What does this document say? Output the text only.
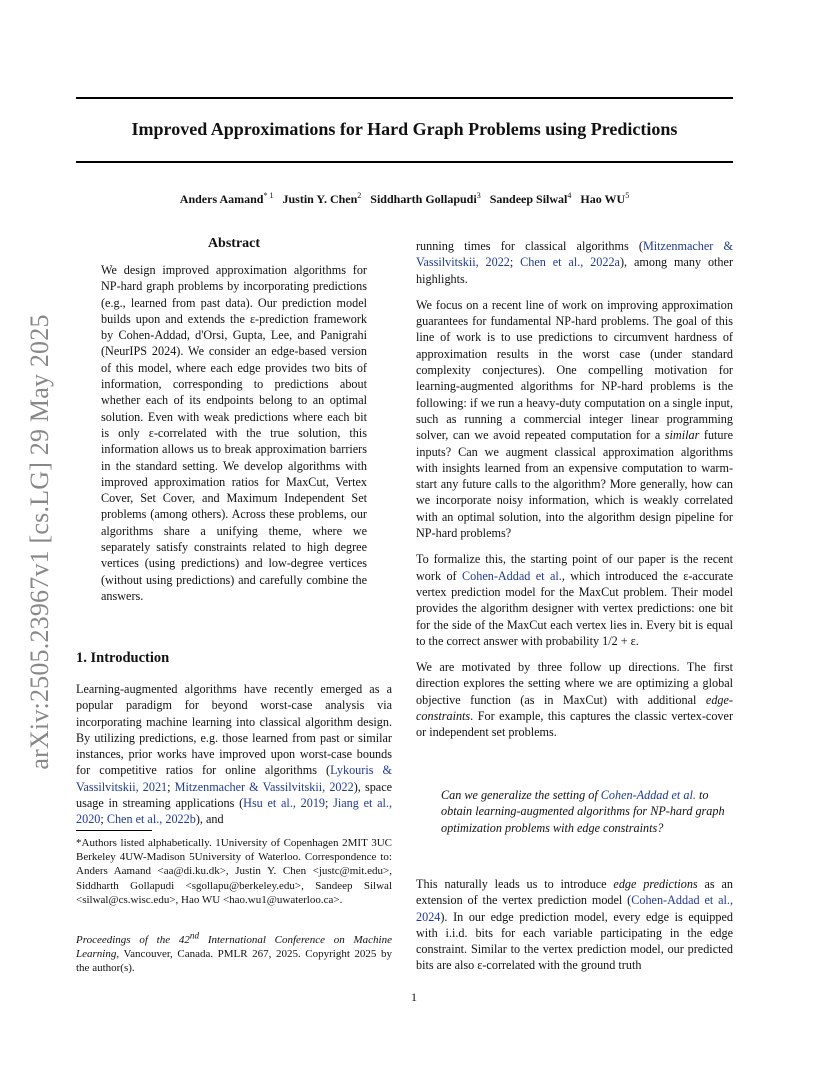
Improved Approximations for Hard Graph Problems using Predictions
Anders Aamand$^{* 1}$ Justin Y. Chen$^2$ Siddharth Gollapudi$^3$ Sandeep Silwal$^4$ Hao $WU^5$
arXiv:2505.23967v1 [cs.LG] 29 May 2025
Abstract

We design improved approximation algorithms for NP-hard graph problems by incorporating predictions (e.g., learned from past data). Our prediction model builds upon and extends the ε-prediction framework by Cohen-Addad, d'Orsi, Gupta, Lee, and Panigrahi (NeurIPS 2024). We consider an edge-based version of this model, where each edge provides two bits of information, corresponding to predictions about whether each of its endpoints belong to an optimal solution. Even with weak predictions where each bit is only ε-correlated with the true solution, this information allows us to break approximation barriers in the standard setting. We develop algorithms with improved approximation ratios for MaxCut, Vertex Cover, Set Cover, and Maximum Independent Set problems (among others). Across these problems, our algorithms share a unifying theme, where we separately satisfy constraints related to high degree vertices (using predictions) and low-degree vertices (without using predictions) and carefully combine the answers.

1. Introduction

Learning-augmented algorithms have recently emerged as a popular paradigm for beyond worst-case analysis via incorporating machine learning into classical algorithm design. By utilizing predictions, e.g. those learned from past or similar instances, prior works have improved upon worst-case bounds for competitive ratios for online algorithms (Lykouris & Vassilvitskii, 2021; Mitzenmacher & Vassilvitskii, 2022), space usage in streaming applications (Hsu et al., 2019; Jiang et al., 2020; Chen et al., 2022b), and

*Authors listed alphabetically. 1University of Copenhagen 2MIT 3UC Berkeley 4UW-Madison 5University of Waterloo. Correspondence to: Anders Aamand <aa@di.ku.dk>, Justin Y. Chen <justc@mit.edu>, Siddharth Gollapudi <sgollapu@berkeley.edu>, Sandeep Silwal <silwal@cs.wisc.edu>, Hao WU <hao.wu1@uwaterloo.ca>.
Proceedings of the 42nd International Conference on Machine Learning, Vancouver, Canada. PMLR 267, 2025. Copyright 2025 by the author(s).

running times for classical algorithms (Mitzenmacher & Vassilvitskii, 2022; Chen et al., 2022a), among many other highlights.

We focus on a recent line of work on improving approximation guarantees for fundamental NP-hard problems. The goal of this line of work is to use predictions to circumvent hardness of approximation results in the worst case (under standard complexity conjectures). One compelling motivation for learning-augmented algorithms for NP-hard problems is the following: if we run a heavy-duty computation on a single input, such as running a commercial integer linear programming solver, can we avoid repeated computation for a similar future inputs? Can we augment classical approximation algorithms with insights learned from an expensive computation to warm-start any future calls to the algorithm? More generally, how can we incorporate noisy information, which is weakly correlated with an optimal solution, into the algorithm design pipeline for NP-hard problems?

To formalize this, the starting point of our paper is the recent work of Cohen-Addad et al., which introduced the ε-accurate vertex prediction model for the MaxCut problem. Their model provides the algorithm designer with vertex predictions: one bit for the side of the MaxCut each vertex lies in. Every bit is equal to the correct answer with probability 1/2 + ε.

We are motivated by three follow up directions. The first direction explores the setting where we are optimizing a global objective function (as in MaxCut) with additional edge-constraints. For example, this captures the classic vertex-cover or independent set problems.

Can we generalize the setting of Cohen-Addad et al. to obtain learning-augmented algorithms for NP-hard graph optimization problems with edge constraints?

This naturally leads us to introduce edge predictions as an extension of the vertex prediction model (Cohen-Addad et al., 2024). In our edge prediction model, every edge is equipped with i.i.d. bits for each variable participating in the edge constraint. Similar to the vertex prediction model, our predicted bits are also ε-correlated with the ground truth

1
